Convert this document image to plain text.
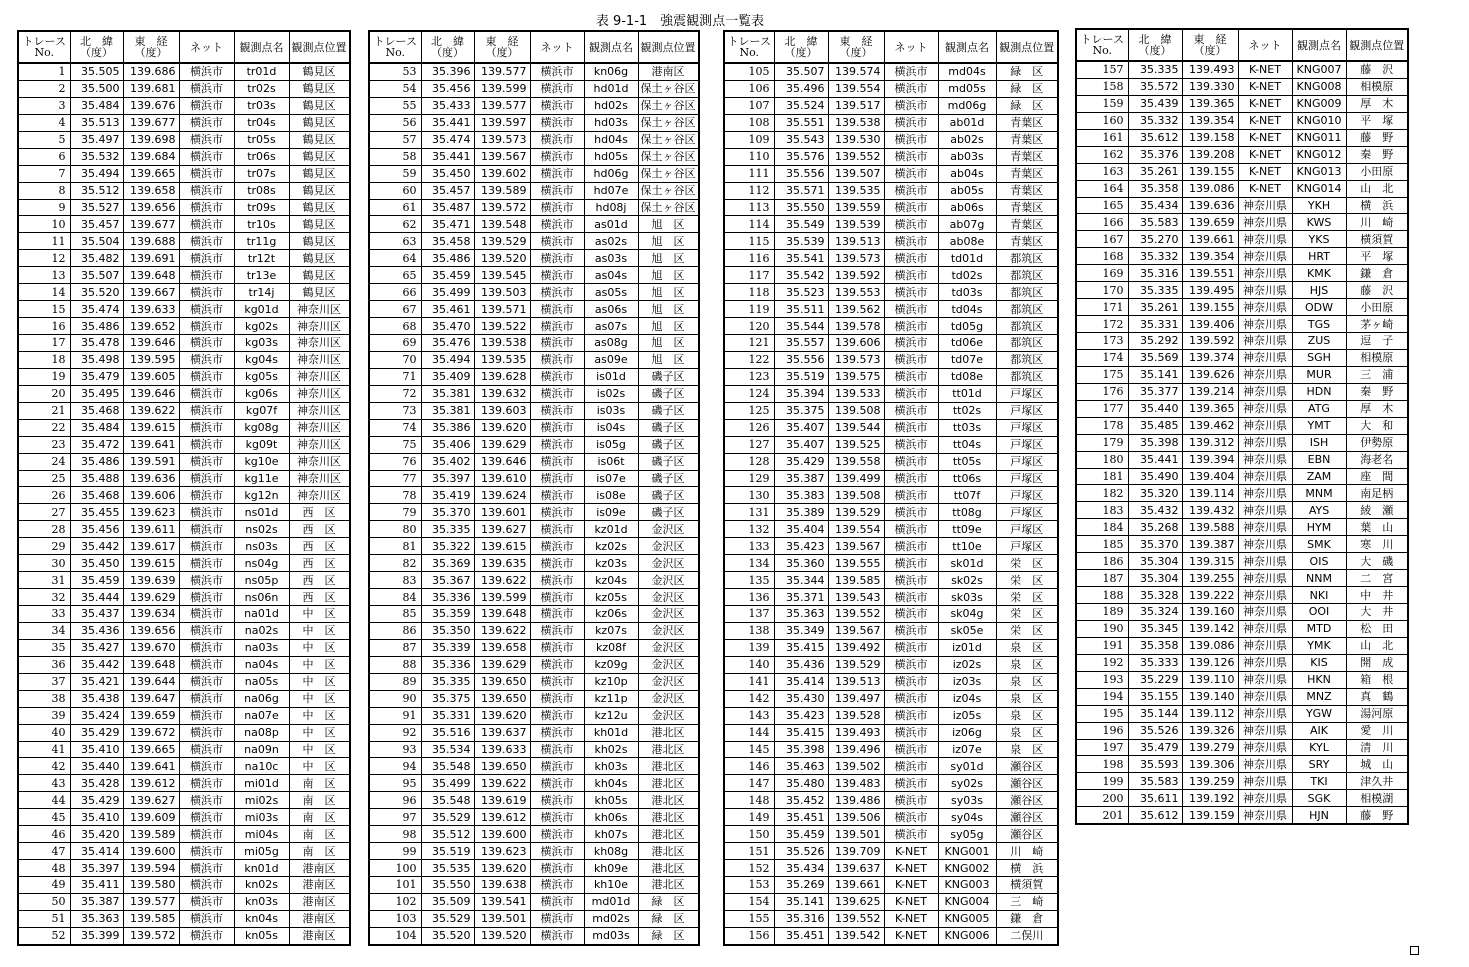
表 9-1-1　強震観測点一覧表
トレース
No.	北　緯
（度）	東　経
（度）	ネット	観測点名	観測点位置

1	35.505	139.686	横浜市	tr01d	鶴見区
2	35.500	139.681	横浜市	tr02s	鶴見区
3	35.484	139.676	横浜市	tr03s	鶴見区
4	35.513	139.677	横浜市	tr04s	鶴見区
5	35.497	139.698	横浜市	tr05s	鶴見区
6	35.532	139.684	横浜市	tr06s	鶴見区
7	35.494	139.665	横浜市	tr07s	鶴見区
8	35.512	139.658	横浜市	tr08s	鶴見区
9	35.527	139.656	横浜市	tr09s	鶴見区
10	35.457	139.677	横浜市	tr10s	鶴見区
11	35.504	139.688	横浜市	tr11g	鶴見区
12	35.482	139.691	横浜市	tr12t	鶴見区
13	35.507	139.648	横浜市	tr13e	鶴見区
14	35.520	139.667	横浜市	tr14j	鶴見区
15	35.474	139.633	横浜市	kg01d	神奈川区
16	35.486	139.652	横浜市	kg02s	神奈川区
17	35.478	139.646	横浜市	kg03s	神奈川区
18	35.498	139.595	横浜市	kg04s	神奈川区
19	35.479	139.605	横浜市	kg05s	神奈川区
20	35.495	139.646	横浜市	kg06s	神奈川区
21	35.468	139.622	横浜市	kg07f	神奈川区
22	35.484	139.615	横浜市	kg08g	神奈川区
23	35.472	139.641	横浜市	kg09t	神奈川区
24	35.486	139.591	横浜市	kg10e	神奈川区
25	35.488	139.636	横浜市	kg11e	神奈川区
26	35.468	139.606	横浜市	kg12n	神奈川区
27	35.455	139.623	横浜市	ns01d	西　区
28	35.456	139.611	横浜市	ns02s	西　区
29	35.442	139.617	横浜市	ns03s	西　区
30	35.450	139.615	横浜市	ns04g	西　区
31	35.459	139.639	横浜市	ns05p	西　区
32	35.444	139.629	横浜市	ns06n	西　区
33	35.437	139.634	横浜市	na01d	中　区
34	35.436	139.656	横浜市	na02s	中　区
35	35.427	139.670	横浜市	na03s	中　区
36	35.442	139.648	横浜市	na04s	中　区
37	35.421	139.644	横浜市	na05s	中　区
38	35.438	139.647	横浜市	na06g	中　区
39	35.424	139.659	横浜市	na07e	中　区
40	35.429	139.672	横浜市	na08p	中　区
41	35.410	139.665	横浜市	na09n	中　区
42	35.440	139.641	横浜市	na10c	中　区
43	35.428	139.612	横浜市	mi01d	南　区
44	35.429	139.627	横浜市	mi02s	南　区
45	35.410	139.609	横浜市	mi03s	南　区
46	35.420	139.589	横浜市	mi04s	南　区
47	35.414	139.600	横浜市	mi05g	南　区
48	35.397	139.594	横浜市	kn01d	港南区
49	35.411	139.580	横浜市	kn02s	港南区
50	35.387	139.577	横浜市	kn03s	港南区
51	35.363	139.585	横浜市	kn04s	港南区
52	35.399	139.572	横浜市	kn05s	港南区
トレース
No.	北　緯
（度）	東　経
（度）	ネット	観測点名	観測点位置

53	35.396	139.577	横浜市	kn06g	港南区
54	35.456	139.599	横浜市	hd01d	保土ヶ谷区
55	35.433	139.577	横浜市	hd02s	保土ヶ谷区
56	35.441	139.597	横浜市	hd03s	保土ヶ谷区
57	35.474	139.573	横浜市	hd04s	保土ヶ谷区
58	35.441	139.567	横浜市	hd05s	保土ヶ谷区
59	35.450	139.602	横浜市	hd06g	保土ヶ谷区
60	35.457	139.589	横浜市	hd07e	保土ヶ谷区
61	35.487	139.572	横浜市	hd08j	保土ヶ谷区
62	35.471	139.548	横浜市	as01d	旭　区
63	35.458	139.529	横浜市	as02s	旭　区
64	35.486	139.520	横浜市	as03s	旭　区
65	35.459	139.545	横浜市	as04s	旭　区
66	35.499	139.503	横浜市	as05s	旭　区
67	35.461	139.571	横浜市	as06s	旭　区
68	35.470	139.522	横浜市	as07s	旭　区
69	35.476	139.538	横浜市	as08g	旭　区
70	35.494	139.535	横浜市	as09e	旭　区
71	35.409	139.628	横浜市	is01d	磯子区
72	35.381	139.632	横浜市	is02s	磯子区
73	35.381	139.603	横浜市	is03s	磯子区
74	35.386	139.620	横浜市	is04s	磯子区
75	35.406	139.629	横浜市	is05g	磯子区
76	35.402	139.646	横浜市	is06t	磯子区
77	35.397	139.610	横浜市	is07e	磯子区
78	35.419	139.624	横浜市	is08e	磯子区
79	35.370	139.601	横浜市	is09e	磯子区
80	35.335	139.627	横浜市	kz01d	金沢区
81	35.322	139.615	横浜市	kz02s	金沢区
82	35.369	139.635	横浜市	kz03s	金沢区
83	35.367	139.622	横浜市	kz04s	金沢区
84	35.336	139.599	横浜市	kz05s	金沢区
85	35.359	139.648	横浜市	kz06s	金沢区
86	35.350	139.622	横浜市	kz07s	金沢区
87	35.339	139.658	横浜市	kz08f	金沢区
88	35.336	139.629	横浜市	kz09g	金沢区
89	35.335	139.650	横浜市	kz10p	金沢区
90	35.375	139.650	横浜市	kz11p	金沢区
91	35.331	139.620	横浜市	kz12u	金沢区
92	35.516	139.637	横浜市	kh01d	港北区
93	35.534	139.633	横浜市	kh02s	港北区
94	35.548	139.650	横浜市	kh03s	港北区
95	35.499	139.622	横浜市	kh04s	港北区
96	35.548	139.619	横浜市	kh05s	港北区
97	35.529	139.612	横浜市	kh06s	港北区
98	35.512	139.600	横浜市	kh07s	港北区
99	35.519	139.623	横浜市	kh08g	港北区
100	35.535	139.620	横浜市	kh09e	港北区
101	35.550	139.638	横浜市	kh10e	港北区
102	35.509	139.541	横浜市	md01d	緑　区
103	35.529	139.501	横浜市	md02s	緑　区
104	35.520	139.520	横浜市	md03s	緑　区
トレース
No.	北　緯
（度）	東　経
（度）	ネット	観測点名	観測点位置

105	35.507	139.574	横浜市	md04s	緑　区
106	35.496	139.554	横浜市	md05s	緑　区
107	35.524	139.517	横浜市	md06g	緑　区
108	35.551	139.538	横浜市	ab01d	青葉区
109	35.543	139.530	横浜市	ab02s	青葉区
110	35.576	139.552	横浜市	ab03s	青葉区
111	35.556	139.507	横浜市	ab04s	青葉区
112	35.571	139.535	横浜市	ab05s	青葉区
113	35.550	139.559	横浜市	ab06s	青葉区
114	35.549	139.539	横浜市	ab07g	青葉区
115	35.539	139.513	横浜市	ab08e	青葉区
116	35.541	139.573	横浜市	td01d	都筑区
117	35.542	139.592	横浜市	td02s	都筑区
118	35.523	139.553	横浜市	td03s	都筑区
119	35.511	139.562	横浜市	td04s	都筑区
120	35.544	139.578	横浜市	td05g	都筑区
121	35.557	139.606	横浜市	td06e	都筑区
122	35.556	139.573	横浜市	td07e	都筑区
123	35.519	139.575	横浜市	td08e	都筑区
124	35.394	139.533	横浜市	tt01d	戸塚区
125	35.375	139.508	横浜市	tt02s	戸塚区
126	35.407	139.544	横浜市	tt03s	戸塚区
127	35.407	139.525	横浜市	tt04s	戸塚区
128	35.429	139.558	横浜市	tt05s	戸塚区
129	35.387	139.499	横浜市	tt06s	戸塚区
130	35.383	139.508	横浜市	tt07f	戸塚区
131	35.389	139.529	横浜市	tt08g	戸塚区
132	35.404	139.554	横浜市	tt09e	戸塚区
133	35.423	139.567	横浜市	tt10e	戸塚区
134	35.360	139.555	横浜市	sk01d	栄　区
135	35.344	139.585	横浜市	sk02s	栄　区
136	35.371	139.543	横浜市	sk03s	栄　区
137	35.363	139.552	横浜市	sk04g	栄　区
138	35.349	139.567	横浜市	sk05e	栄　区
139	35.415	139.492	横浜市	iz01d	泉　区
140	35.436	139.529	横浜市	iz02s	泉　区
141	35.414	139.513	横浜市	iz03s	泉　区
142	35.430	139.497	横浜市	iz04s	泉　区
143	35.423	139.528	横浜市	iz05s	泉　区
144	35.415	139.493	横浜市	iz06g	泉　区
145	35.398	139.496	横浜市	iz07e	泉　区
146	35.463	139.502	横浜市	sy01d	瀬谷区
147	35.480	139.483	横浜市	sy02s	瀬谷区
148	35.452	139.486	横浜市	sy03s	瀬谷区
149	35.451	139.506	横浜市	sy04s	瀬谷区
150	35.459	139.501	横浜市	sy05g	瀬谷区
151	35.526	139.709	K-NET	KNG001	川　崎
152	35.434	139.637	K-NET	KNG002	横　浜
153	35.269	139.661	K-NET	KNG003	横須賀
154	35.141	139.625	K-NET	KNG004	三　崎
155	35.316	139.552	K-NET	KNG005	鎌　倉
156	35.451	139.542	K-NET	KNG006	二俣川
トレース
No.	北　緯
（度）	東　経
（度）	ネット	観測点名	観測点位置

157	35.335	139.493	K-NET	KNG007	藤　沢
158	35.572	139.330	K-NET	KNG008	相模原
159	35.439	139.365	K-NET	KNG009	厚　木
160	35.332	139.354	K-NET	KNG010	平　塚
161	35.612	139.158	K-NET	KNG011	藤　野
162	35.376	139.208	K-NET	KNG012	秦　野
163	35.261	139.155	K-NET	KNG013	小田原
164	35.358	139.086	K-NET	KNG014	山　北
165	35.434	139.636	神奈川県	YKH	横　浜
166	35.583	139.659	神奈川県	KWS	川　崎
167	35.270	139.661	神奈川県	YKS	横須賀
168	35.332	139.354	神奈川県	HRT	平　塚
169	35.316	139.551	神奈川県	KMK	鎌　倉
170	35.335	139.495	神奈川県	HJS	藤　沢
171	35.261	139.155	神奈川県	ODW	小田原
172	35.331	139.406	神奈川県	TGS	茅ヶ崎
173	35.292	139.592	神奈川県	ZUS	逗　子
174	35.569	139.374	神奈川県	SGH	相模原
175	35.141	139.626	神奈川県	MUR	三　浦
176	35.377	139.214	神奈川県	HDN	秦　野
177	35.440	139.365	神奈川県	ATG	厚　木
178	35.485	139.462	神奈川県	YMT	大　和
179	35.398	139.312	神奈川県	ISH	伊勢原
180	35.441	139.394	神奈川県	EBN	海老名
181	35.490	139.404	神奈川県	ZAM	座　間
182	35.320	139.114	神奈川県	MNM	南足柄
183	35.432	139.432	神奈川県	AYS	綾　瀬
184	35.268	139.588	神奈川県	HYM	葉　山
185	35.370	139.387	神奈川県	SMK	寒　川
186	35.304	139.315	神奈川県	OIS	大　磯
187	35.304	139.255	神奈川県	NNM	二　宮
188	35.328	139.222	神奈川県	NKI	中　井
189	35.324	139.160	神奈川県	OOI	大　井
190	35.345	139.142	神奈川県	MTD	松　田
191	35.358	139.086	神奈川県	YMK	山　北
192	35.333	139.126	神奈川県	KIS	開　成
193	35.229	139.110	神奈川県	HKN	箱　根
194	35.155	139.140	神奈川県	MNZ	真　鶴
195	35.144	139.112	神奈川県	YGW	湯河原
196	35.526	139.326	神奈川県	AIK	愛　川
197	35.479	139.279	神奈川県	KYL	清　川
198	35.593	139.306	神奈川県	SRY	城　山
199	35.583	139.259	神奈川県	TKI	津久井
200	35.611	139.192	神奈川県	SGK	相模湖
201	35.612	139.159	神奈川県	HJN	藤　野
